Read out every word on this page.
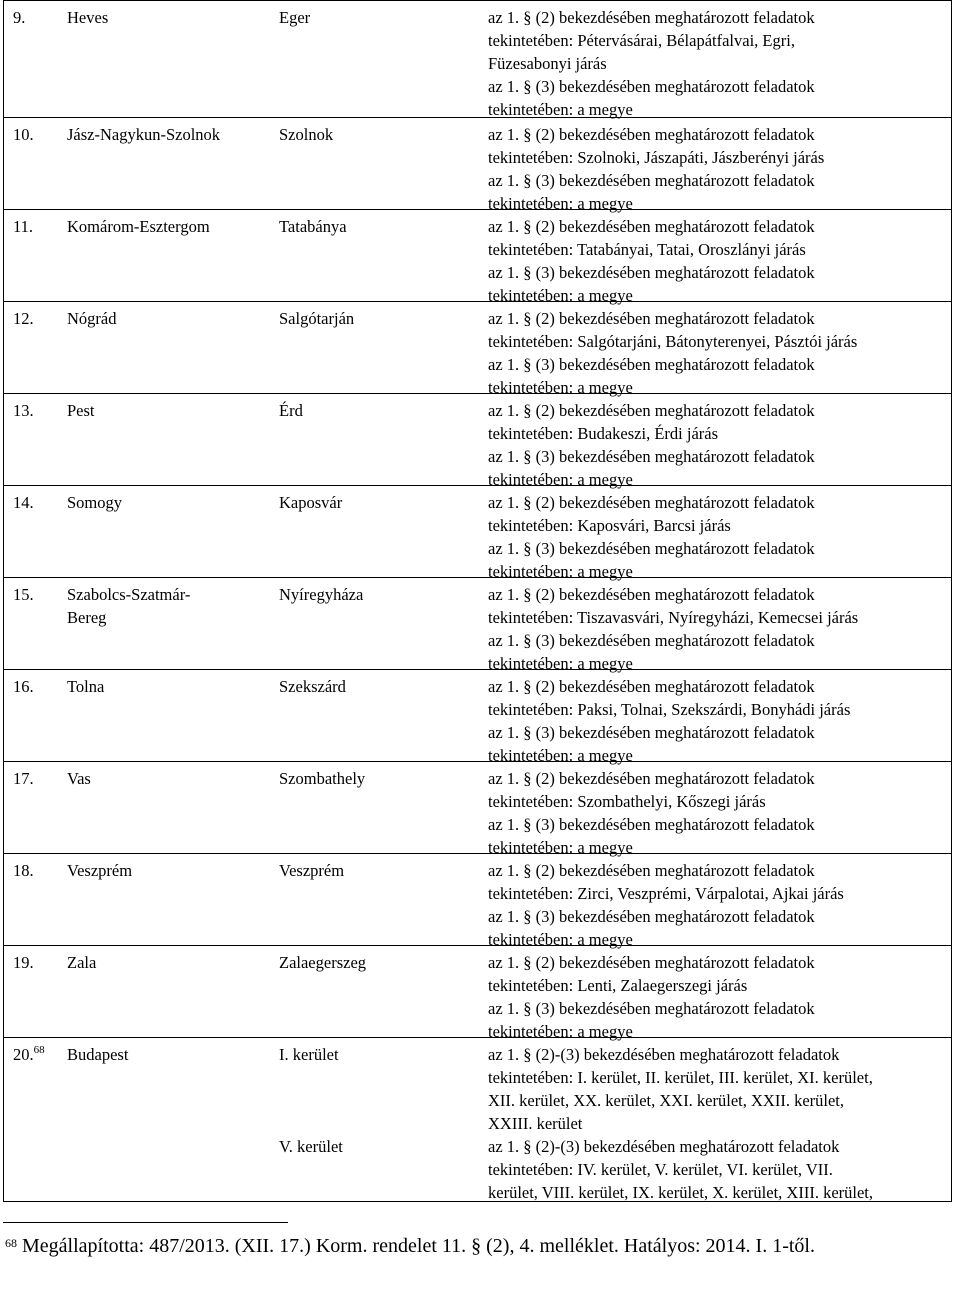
9.	Heves	Eger	az 1. § (2) bekezdésében meghatározott feladatok
tekintetében: Pétervásárai, Bélapátfalvai, Egri,
Füzesabonyi járás
az 1. § (3) bekezdésében meghatározott feladatok
tekintetében: a megye
10. Jász-Nagykun-Szolnok	Szolnok	az 1. § (2) bekezdésében meghatározott feladatok
tekintetében: Szolnoki, Jászapáti, Jászberényi járás
az 1. § (3) bekezdésében meghatározott feladatok
tekintetében: a megye
11. Komárom-Esztergom	Tatabánya	az 1. § (2) bekezdésében meghatározott feladatok
tekintetében: Tatabányai, Tatai, Oroszlányi járás
az 1. § (3) bekezdésében meghatározott feladatok
tekintetében: a megye
12. Nógrád	Salgótarján	az 1. § (2) bekezdésében meghatározott feladatok
tekintetében: Salgótarjáni, Bátonyterenyei, Pásztói járás
az 1. § (3) bekezdésében meghatározott feladatok
tekintetében: a megye
13. Pest	Érd	az 1. § (2) bekezdésében meghatározott feladatok
tekintetében: Budakeszi, Érdi járás
az 1. § (3) bekezdésében meghatározott feladatok
tekintetében: a megye
14. Somogy	Kaposvár	az 1. § (2) bekezdésében meghatározott feladatok
tekintetében: Kaposvári, Barcsi járás
az 1. § (3) bekezdésében meghatározott feladatok
tekintetében: a megye
15. Szabolcs-Szatmár-
Bereg
Nyíregyháza	az 1. § (2) bekezdésében meghatározott feladatok
tekintetében: Tiszavasvári, Nyíregyházi, Kemecsei járás
az 1. § (3) bekezdésében meghatározott feladatok
tekintetében: a megye
16. Tolna	Szekszárd	az 1. § (2) bekezdésében meghatározott feladatok
tekintetében: Paksi, Tolnai, Szekszárdi, Bonyhádi járás
az 1. § (3) bekezdésében meghatározott feladatok
tekintetében: a megye
17. Vas	Szombathely	az 1. § (2) bekezdésében meghatározott feladatok
tekintetében: Szombathelyi, Kőszegi járás
az 1. § (3) bekezdésében meghatározott feladatok
tekintetében: a megye
18. Veszprém	Veszprém	az 1. § (2) bekezdésében meghatározott feladatok
tekintetében: Zirci, Veszprémi, Várpalotai, Ajkai járás
az 1. § (3) bekezdésében meghatározott feladatok
tekintetében: a megye
19. Zala	Zalaegerszeg	az 1. § (2) bekezdésében meghatározott feladatok
tekintetében: Lenti, Zalaegerszegi járás
az 1. § (3) bekezdésében meghatározott feladatok
tekintetében: a megye
20.68 Budapest	I. kerület	az 1. § (2)-(3) bekezdésében meghatározott feladatok
tekintetében: I. kerület, II. kerület, III. kerület, XI. kerület,
XII. kerület, XX. kerület, XXI. kerület, XXII. kerület,
XXIII. kerület
V. kerület	az 1. § (2)-(3) bekezdésében meghatározott feladatok
tekintetében: IV. kerület, V. kerület, VI. kerület, VII.
kerület, VIII. kerület, IX. kerület, X. kerület, XIII. kerület,
$^{68}$ Megállapította: 487/2013. (XII. 17.) Korm. rendelet 11. § (2), 4. melléklet. Hatályos: 2014. I. 1-től.
